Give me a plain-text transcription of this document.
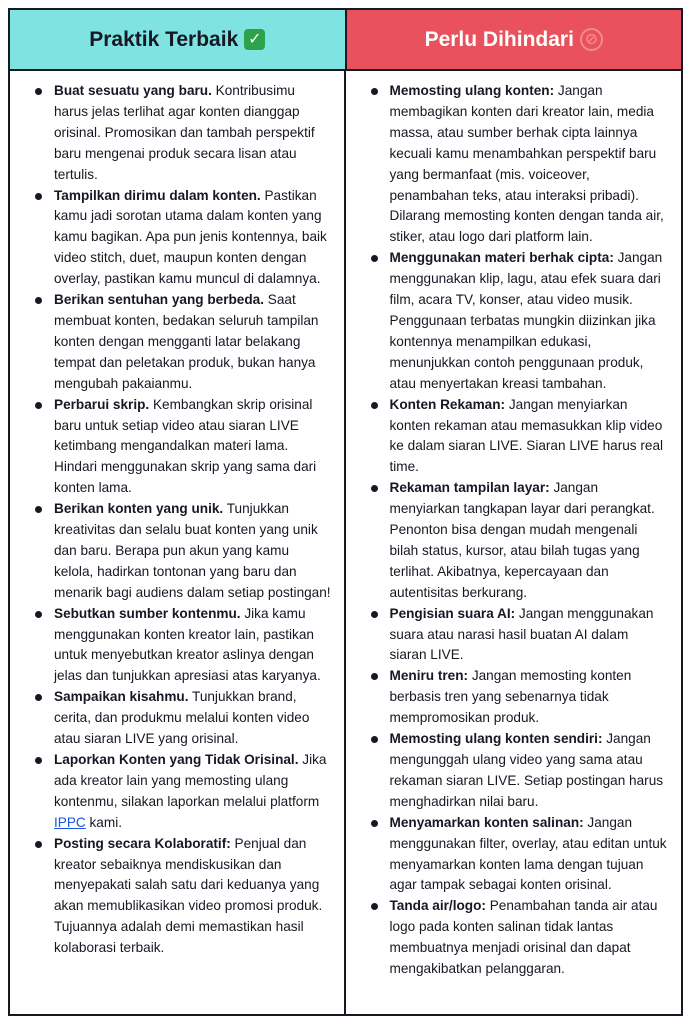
Praktik Terbaik ✓	Perlu Dihindari ⊘
Buat sesuatu yang baru. Kontribusimu harus jelas terlihat agar konten dianggap orisinal. Promosikan dan tambah perspektif baru mengenai produk secara lisan atau tertulis.
Tampilkan dirimu dalam konten. Pastikan kamu jadi sorotan utama dalam konten yang kamu bagikan. Apa pun jenis kontennya, baik video stitch, duet, maupun konten dengan overlay, pastikan kamu muncul di dalamnya.
Berikan sentuhan yang berbeda. Saat membuat konten, bedakan seluruh tampilan konten dengan mengganti latar belakang tempat dan peletakan produk, bukan hanya mengubah pakaianmu.
Perbarui skrip. Kembangkan skrip orisinal baru untuk setiap video atau siaran LIVE ketimbang mengandalkan materi lama. Hindari menggunakan skrip yang sama dari konten lama.
Berikan konten yang unik. Tunjukkan kreativitas dan selalu buat konten yang unik dan baru. Berapa pun akun yang kamu kelola, hadirkan tontonan yang baru dan menarik bagi audiens dalam setiap postingan!
Sebutkan sumber kontenmu. Jika kamu menggunakan konten kreator lain, pastikan untuk menyebutkan kreator aslinya dengan jelas dan tunjukkan apresiasi atas karyanya.
Sampaikan kisahmu. Tunjukkan brand, cerita, dan produkmu melalui konten video atau siaran LIVE yang orisinal.
Laporkan Konten yang Tidak Orisinal. Jika ada kreator lain yang memosting ulang kontenmu, silakan laporkan melalui platform IPPC kami.
Posting secara Kolaboratif: Penjual dan kreator sebaiknya mendiskusikan dan menyepakati salah satu dari keduanya yang akan memublikasikan video promosi produk. Tujuannya adalah demi memastikan hasil kolaborasi terbaik.
Memosting ulang konten: Jangan membagikan konten dari kreator lain, media massa, atau sumber berhak cipta lainnya kecuali kamu menambahkan perspektif baru yang bermanfaat (mis. voiceover, penambahan teks, atau interaksi pribadi). Dilarang memosting konten dengan tanda air, stiker, atau logo dari platform lain.
Menggunakan materi berhak cipta: Jangan menggunakan klip, lagu, atau efek suara dari film, acara TV, konser, atau video musik. Penggunaan terbatas mungkin diizinkan jika kontennya menampilkan edukasi, menunjukkan contoh penggunaan produk, atau menyertakan kreasi tambahan.
Konten Rekaman: Jangan menyiarkan konten rekaman atau memasukkan klip video ke dalam siaran LIVE. Siaran LIVE harus real time.
Rekaman tampilan layar: Jangan menyiarkan tangkapan layar dari perangkat. Penonton bisa dengan mudah mengenali bilah status, kursor, atau bilah tugas yang terlihat. Akibatnya, kepercayaan dan autentisitas berkurang.
Pengisian suara AI: Jangan menggunakan suara atau narasi hasil buatan AI dalam siaran LIVE.
Meniru tren: Jangan memosting konten berbasis tren yang sebenarnya tidak mempromosikan produk.
Memosting ulang konten sendiri: Jangan mengunggah ulang video yang sama atau rekaman siaran LIVE. Setiap postingan harus menghadirkan nilai baru.
Menyamarkan konten salinan: Jangan menggunakan filter, overlay, atau editan untuk menyamarkan konten lama dengan tujuan agar tampak sebagai konten orisinal.
Tanda air/logo: Penambahan tanda air atau logo pada konten salinan tidak lantas membuatnya menjadi orisinal dan dapat mengakibatkan pelanggaran.
